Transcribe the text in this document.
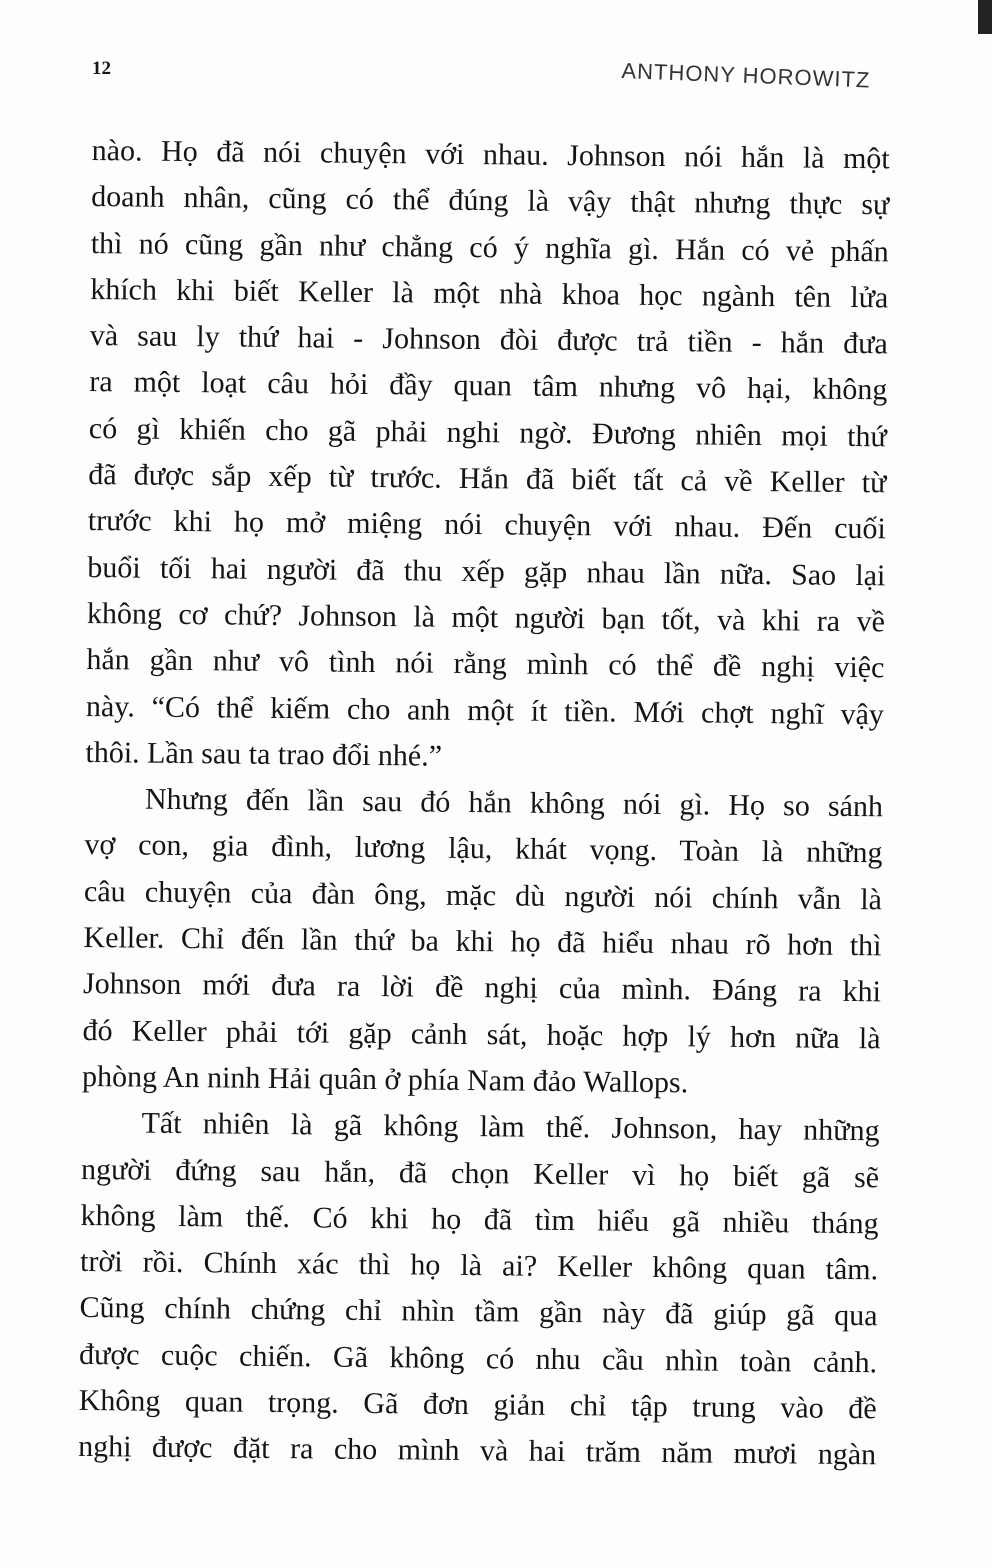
12	ANTHONY HOROWITZ
nào. Họ đã nói chuyện với nhau. Johnson nói hắn là một
doanh nhân, cũng có thể đúng là vậy thật nhưng thực sự
thì nó cũng gần như chẳng có ý nghĩa gì. Hắn có vẻ phấn
khích khi biết Keller là một nhà khoa học ngành tên lửa
và sau ly thứ hai - Johnson đòi được trả tiền - hắn đưa
ra một loạt câu hỏi đầy quan tâm nhưng vô hại, không
có gì khiến cho gã phải nghi ngờ. Đương nhiên mọi thứ
đã được sắp xếp từ trước. Hắn đã biết tất cả về Keller từ
trước khi họ mở miệng nói chuyện với nhau. Đến cuối
buổi tối hai người đã thu xếp gặp nhau lần nữa. Sao lại
không cơ chứ? Johnson là một người bạn tốt, và khi ra về
hắn gần như vô tình nói rằng mình có thể đề nghị việc
này. “Có thể kiếm cho anh một ít tiền. Mới chợt nghĩ vậy
thôi. Lần sau ta trao đổi nhé.”
Nhưng đến lần sau đó hắn không nói gì. Họ so sánh
vợ con, gia đình, lương lậu, khát vọng. Toàn là những
câu chuyện của đàn ông, mặc dù người nói chính vẫn là
Keller. Chỉ đến lần thứ ba khi họ đã hiểu nhau rõ hơn thì
Johnson mới đưa ra lời đề nghị của mình. Đáng ra khi
đó Keller phải tới gặp cảnh sát, hoặc hợp lý hơn nữa là
phòng An ninh Hải quân ở phía Nam đảo Wallops.
Tất nhiên là gã không làm thế. Johnson, hay những
người đứng sau hắn, đã chọn Keller vì họ biết gã sẽ
không làm thế. Có khi họ đã tìm hiểu gã nhiều tháng
trời rồi. Chính xác thì họ là ai? Keller không quan tâm.
Cũng chính chứng chỉ nhìn tầm gần này đã giúp gã qua
được cuộc chiến. Gã không có nhu cầu nhìn toàn cảnh.
Không quan trọng. Gã đơn giản chỉ tập trung vào đề
nghị được đặt ra cho mình và hai trăm năm mươi ngàn
